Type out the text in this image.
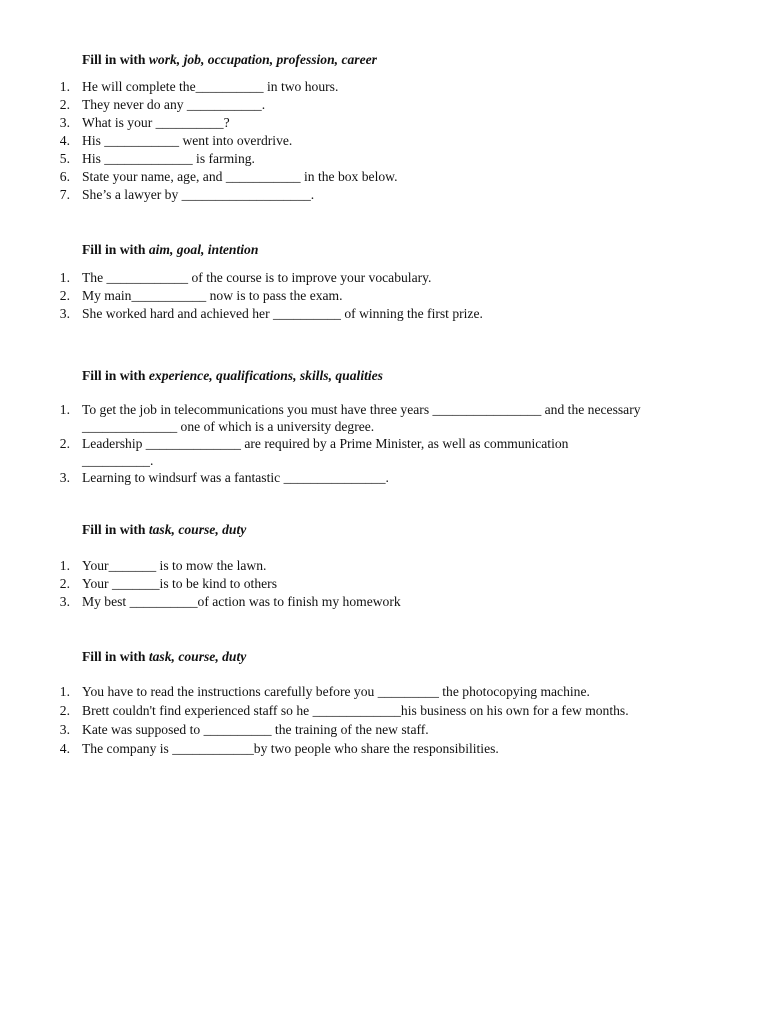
Fill in with work, job, occupation, profession, career

1. He will complete the__________ in two hours.
2. They never do any ___________.
3. What is your __________?
4. His ___________ went into overdrive.
5. His _____________ is farming.
6. State your name, age, and ___________ in the box below.
7. She’s a lawyer by ___________________.

Fill in with aim, goal, intention

1. The ____________ of the course is to improve your vocabulary.
2. My main___________ now is to pass the exam.
3. She worked hard and achieved her __________ of winning the first prize.

Fill in with experience, qualifications, skills, qualities

1. To get the job in telecommunications you must have three years ________________ and the necessary ______________ one of which is a university degree.
2. Leadership ______________ are required by a Prime Minister, as well as communication __________.
3. Learning to windsurf was a fantastic _______________.

Fill in with task, course, duty

1. Your_______ is to mow the lawn.
2. Your _______is to be kind to others
3. My best __________of action was to finish my homework

Fill in with task, course, duty

1. You have to read the instructions carefully before you _________ the photocopying machine.
2. Brett couldn't find experienced staff so he _____________his business on his own for a few months.
3. Kate was supposed to __________ the training of the new staff.
4. The company is ____________by two people who share the responsibilities.
